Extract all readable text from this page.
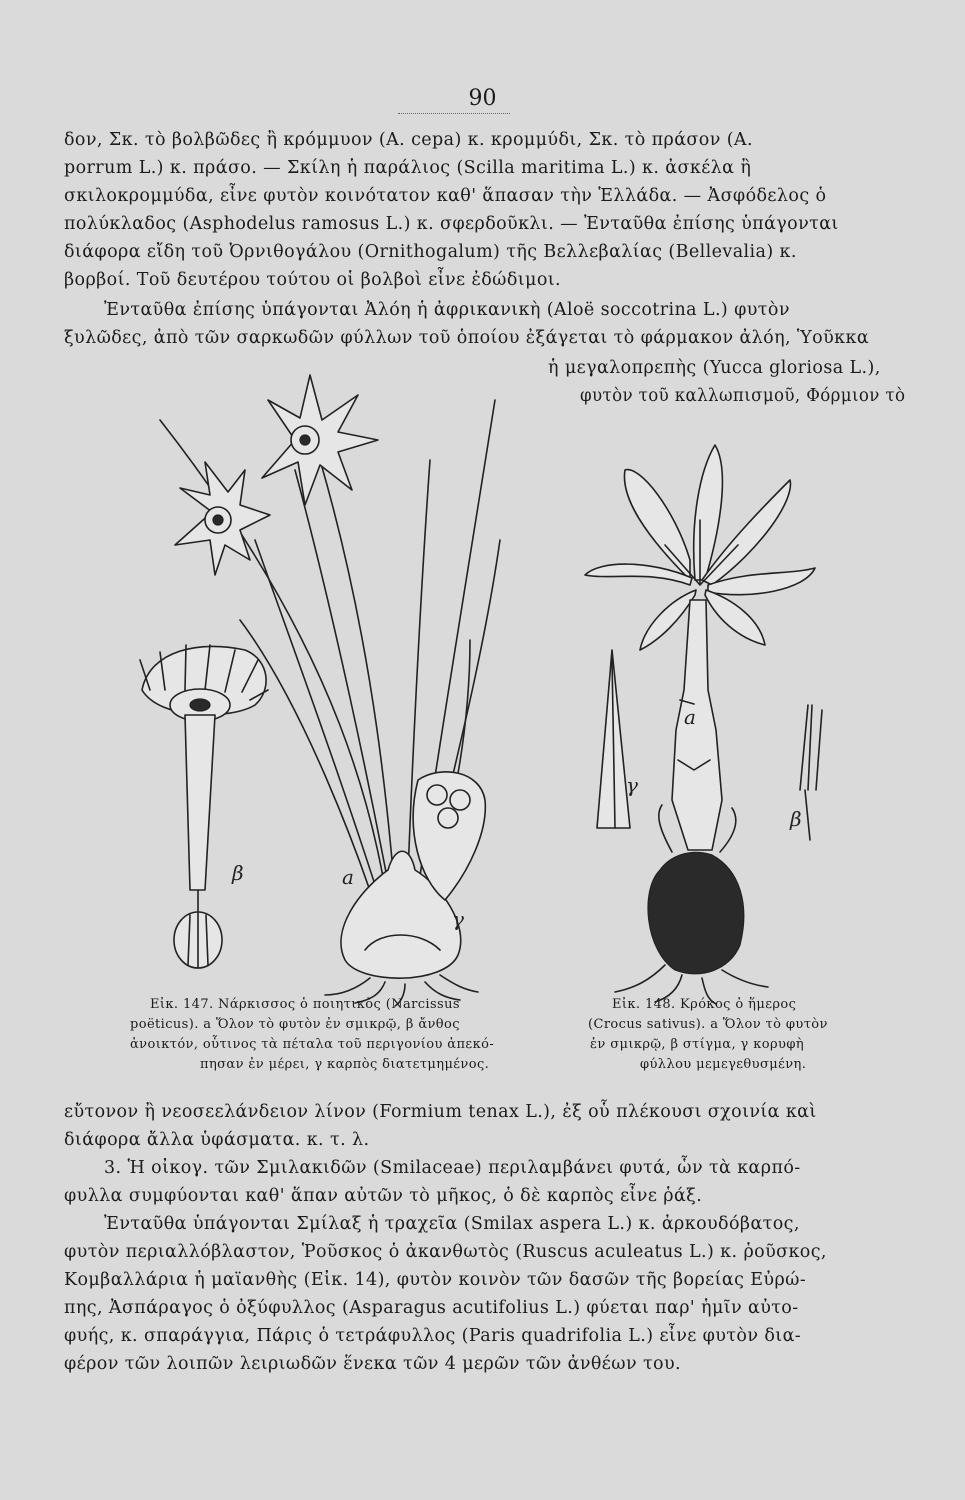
90
δον, Σκ. τὸ βολβῶδες ἢ κρόμμυον (A. cepa) κ. κρομμύδι, Σκ. τὸ πράσον (A.
porrum L.) κ. πράσο. — Σκίλη ἡ παράλιος (Scilla maritima L.) κ. ἀσκέλα ἢ
σκιλοκρομμύδα, εἶνε φυτὸν κοινότατον καθ' ἅπασαν τὴν Ἑλλάδα. — Ἀσφόδελος ὁ
πολύκλαδος (Asphodelus ramosus L.) κ. σφερδοῦκλι. — Ἐνταῦθα ἐπίσης ὑπάγονται
διάφορα εἴδη τοῦ Ὀρνιθογάλου (Ornithogalum) τῆς Βελλεβαλίας (Bellevalia) κ.
βορβοί. Τοῦ δευτέρου τούτου οἱ βολβοὶ εἶνε ἐδώδιμοι.
Ἐνταῦθα ἐπίσης ὑπάγονται Ἀλόη ἡ ἀφρικανικὴ (Aloë soccotrina L.) φυτὸν
ξυλῶδες, ἀπὸ τῶν σαρκωδῶν φύλλων τοῦ ὁποίου ἐξάγεται τὸ φάρμακον ἀλόη, Ὑοῦκκα
ἡ μεγαλοπρεπὴς (Yucca gloriosa L.),
φυτὸν τοῦ καλλωπισμοῦ, Φόρμιον τὸ
β	a
γ
a
γ
β
Εἰκ. 147. Νάρκισσος ὁ ποιητικὸς (Narcissus
poëticus). a Ὅλον τὸ φυτὸν ἐν σμικρῷ, β ἄνθος
ἀνοικτόν, οὗτινος τὰ πέταλα τοῦ περιγονίου ἀπεκό-
πησαν ἐν μέρει, γ καρπὸς διατετμημένος.
Εἰκ. 148. Κρόκος ὁ ἥμερος
(Crocus sativus). a Ὅλον τὸ φυτὸν
ἐν σμικρῷ, β στίγμα, γ κορυφὴ
φύλλου μεμεγεθυσμένη.
εὔτονον ἢ νεοσεελάνδειον λίνον (Formium tenax L.), ἐξ οὗ πλέκουσι σχοινία καὶ
διάφορα ἄλλα ὑφάσματα. κ. τ. λ.
3. Ἡ οἰκογ. τῶν Σμιλακιδῶν (Smilaceae) περιλαμβάνει φυτά, ὧν τὰ καρπό-
φυλλα συμφύονται καθ' ἅπαν αὐτῶν τὸ μῆκος, ὁ δὲ καρπὸς εἶνε ῥάξ.
Ἐνταῦθα ὑπάγονται Σμίλαξ ἡ τραχεῖα (Smilax aspera L.) κ. ἀρκουδόβατος,
φυτὸν περιαλλόβλαστον, Ῥοῦσκος ὁ ἀκανθωτὸς (Ruscus aculeatus L.) κ. ῥοῦσκος,
Κομβαλλάρια ἡ μαϊανθὴς (Εἰκ. 14), φυτὸν κοινὸν τῶν δασῶν τῆς βορείας Εὐρώ-
πης, Ἀσπάραγος ὁ ὀξύφυλλος (Asparagus acutifolius L.) φύεται παρ' ἡμῖν αὐτο-
φυής, κ. σπαράγγια, Πάρις ὁ τετράφυλλος (Paris quadrifolia L.) εἶνε φυτὸν δια-
φέρον τῶν λοιπῶν λειριωδῶν ἕνεκα τῶν 4 μερῶν τῶν ἀνθέων του.
